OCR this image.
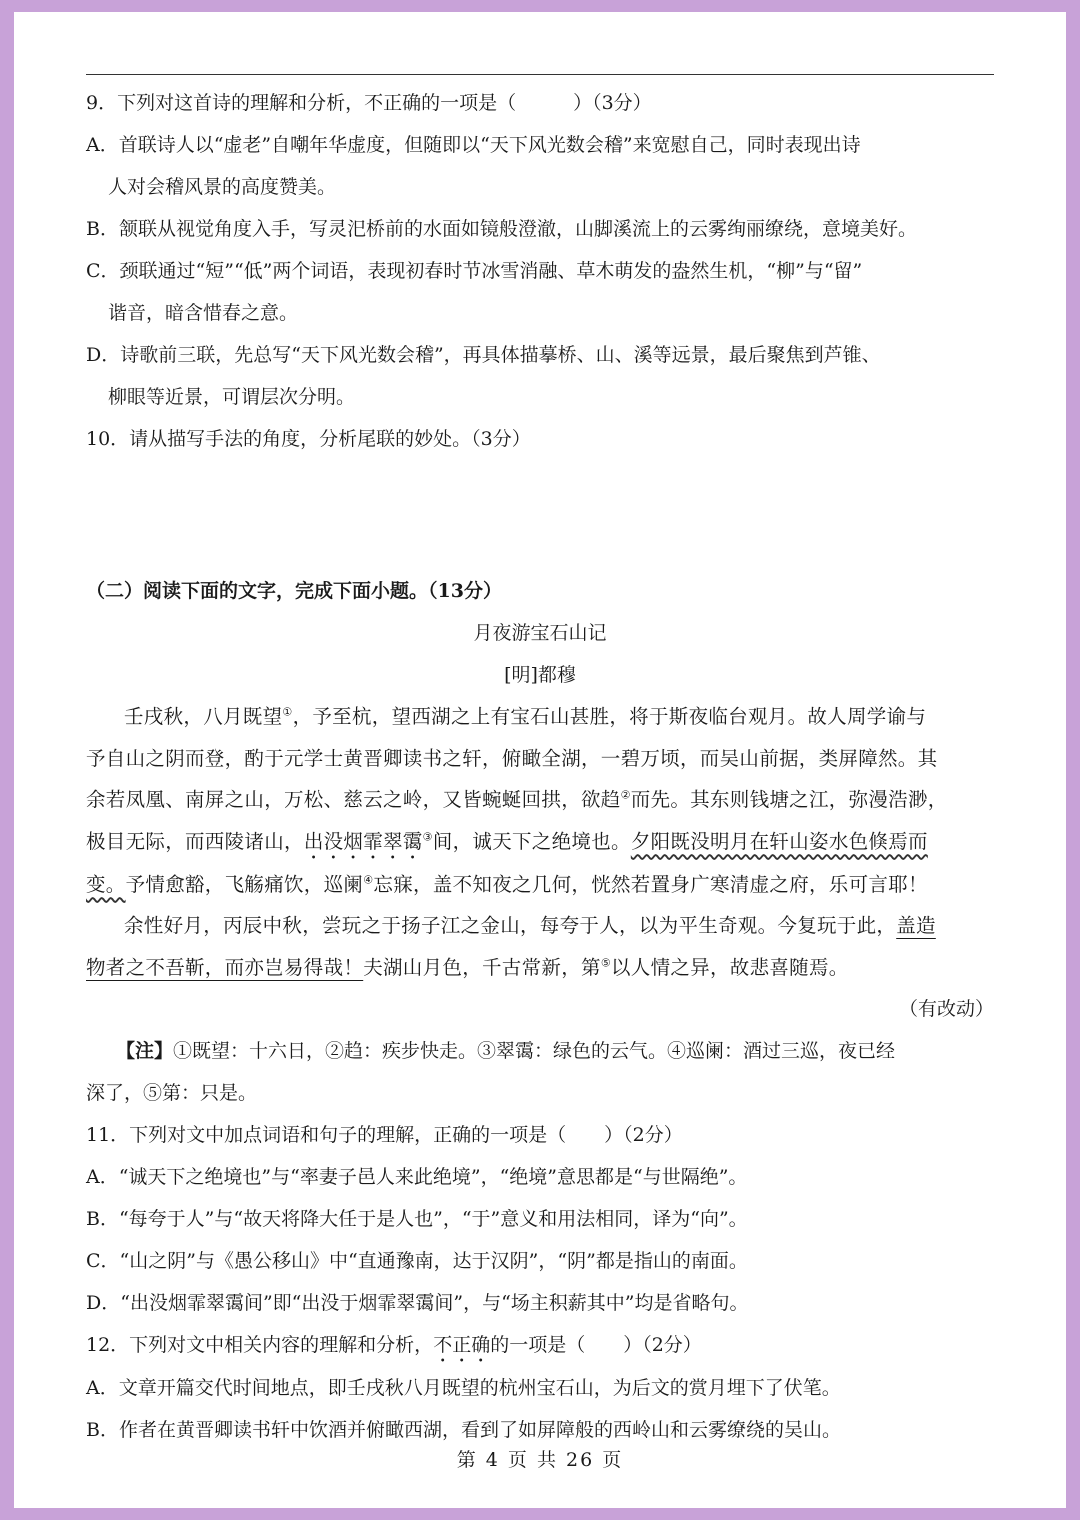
9．下列对这首诗的理解和分析，不正确的一项是（　　　）（3分）
A．首联诗人以“虚老”自嘲年华虚度，但随即以“天下风光数会稽”来宽慰自己，同时表现出诗
人对会稽风景的高度赞美。
B．颔联从视觉角度入手，写灵汜桥前的水面如镜般澄澈，山脚溪流上的云雾绚丽缭绕，意境美好。
C．颈联通过“短”“低”两个词语，表现初春时节冰雪消融、草木萌发的盎然生机，“柳”与“留”
谐音，暗含惜春之意。
D．诗歌前三联，先总写“天下风光数会稽”，再具体描摹桥、山、溪等远景，最后聚焦到芦锥、
柳眼等近景，可谓层次分明。
10．请从描写手法的角度，分析尾联的妙处。（3分）
（二）阅读下面的文字，完成下面小题。（13分）
月夜游宝石山记
[明]都穆
壬戌秋，八月既望①，予至杭，望西湖之上有宝石山甚胜，将于斯夜临台观月。故人周学谕与
予自山之阴而登，酌于元学士黄晋卿读书之轩，俯瞰全湖，一碧万顷，而吴山前据，类屏障然。其
余若凤凰、南屏之山，万松、慈云之岭，又皆蜿蜒回拱，欲趋②而先。其东则钱塘之江，弥漫浩渺，
极目无际，而西陵诸山，出没烟霏翠霭③间，诚天下之绝境也。夕阳既没明月在轩山姿水色倏焉而
变。予情愈豁，飞觞痛饮，巡阑④忘寐，盖不知夜之几何，恍然若置身广寒清虚之府，乐可言耶！
余性好月，丙辰中秋，尝玩之于扬子江之金山，每夸于人，以为平生奇观。今复玩于此，盖造
物者之不吾靳，而亦岂易得哉！夫湖山月色，千古常新，第⑤以人情之异，故悲喜随焉。
（有改动）
【注】①既望：十六日，②趋：疾步快走。③翠霭：绿色的云气。④巡阑：酒过三巡，夜已经
深了，⑤第：只是。
11．下列对文中加点词语和句子的理解，正确的一项是（　　）（2分）
A．“诚天下之绝境也”与“率妻子邑人来此绝境”，“绝境”意思都是“与世隔绝”。
B．“每夸于人”与“故天将降大任于是人也”，“于”意义和用法相同，译为“向”。
C．“山之阴”与《愚公移山》中“直通豫南，达于汉阴”，“阴”都是指山的南面。
D．“出没烟霏翠霭间”即“出没于烟霏翠霭间”，与“场主积薪其中”均是省略句。
12．下列对文中相关内容的理解和分析，不正确的一项是（　　）（2分）
A．文章开篇交代时间地点，即壬戌秋八月既望的杭州宝石山，为后文的赏月埋下了伏笔。
B．作者在黄晋卿读书轩中饮酒并俯瞰西湖，看到了如屏障般的西岭山和云雾缭绕的吴山。
第 4 页 共 26 页
